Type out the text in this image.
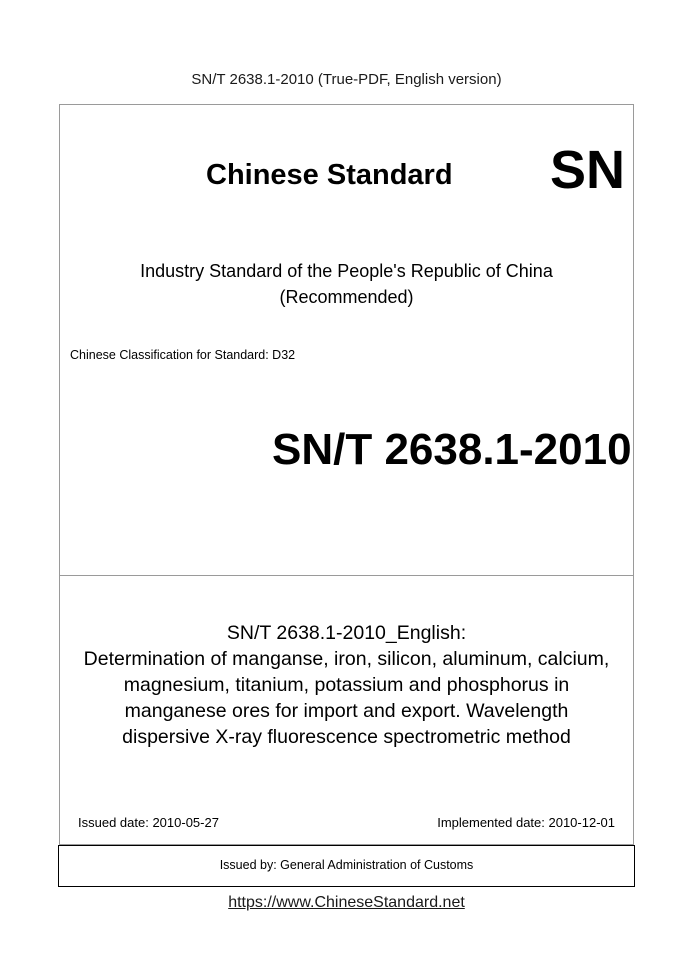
SN/T 2638.1-2010 (True-PDF, English version)
Chinese Standard SN
Industry Standard of the People's Republic of China
(Recommended)
Chinese Classification for Standard: D32
SN/T 2638.1-2010
SN/T 2638.1-2010_English:
Determination of manganse, iron, silicon, aluminum, calcium,
magnesium, titanium, potassium and phosphorus in
manganese ores for import and export. Wavelength
dispersive X-ray fluorescence spectrometric method
Issued date: 2010-05-27	Implemented date: 2010-12-01
Issued by: General Administration of Customs
https://www.ChineseStandard.net
